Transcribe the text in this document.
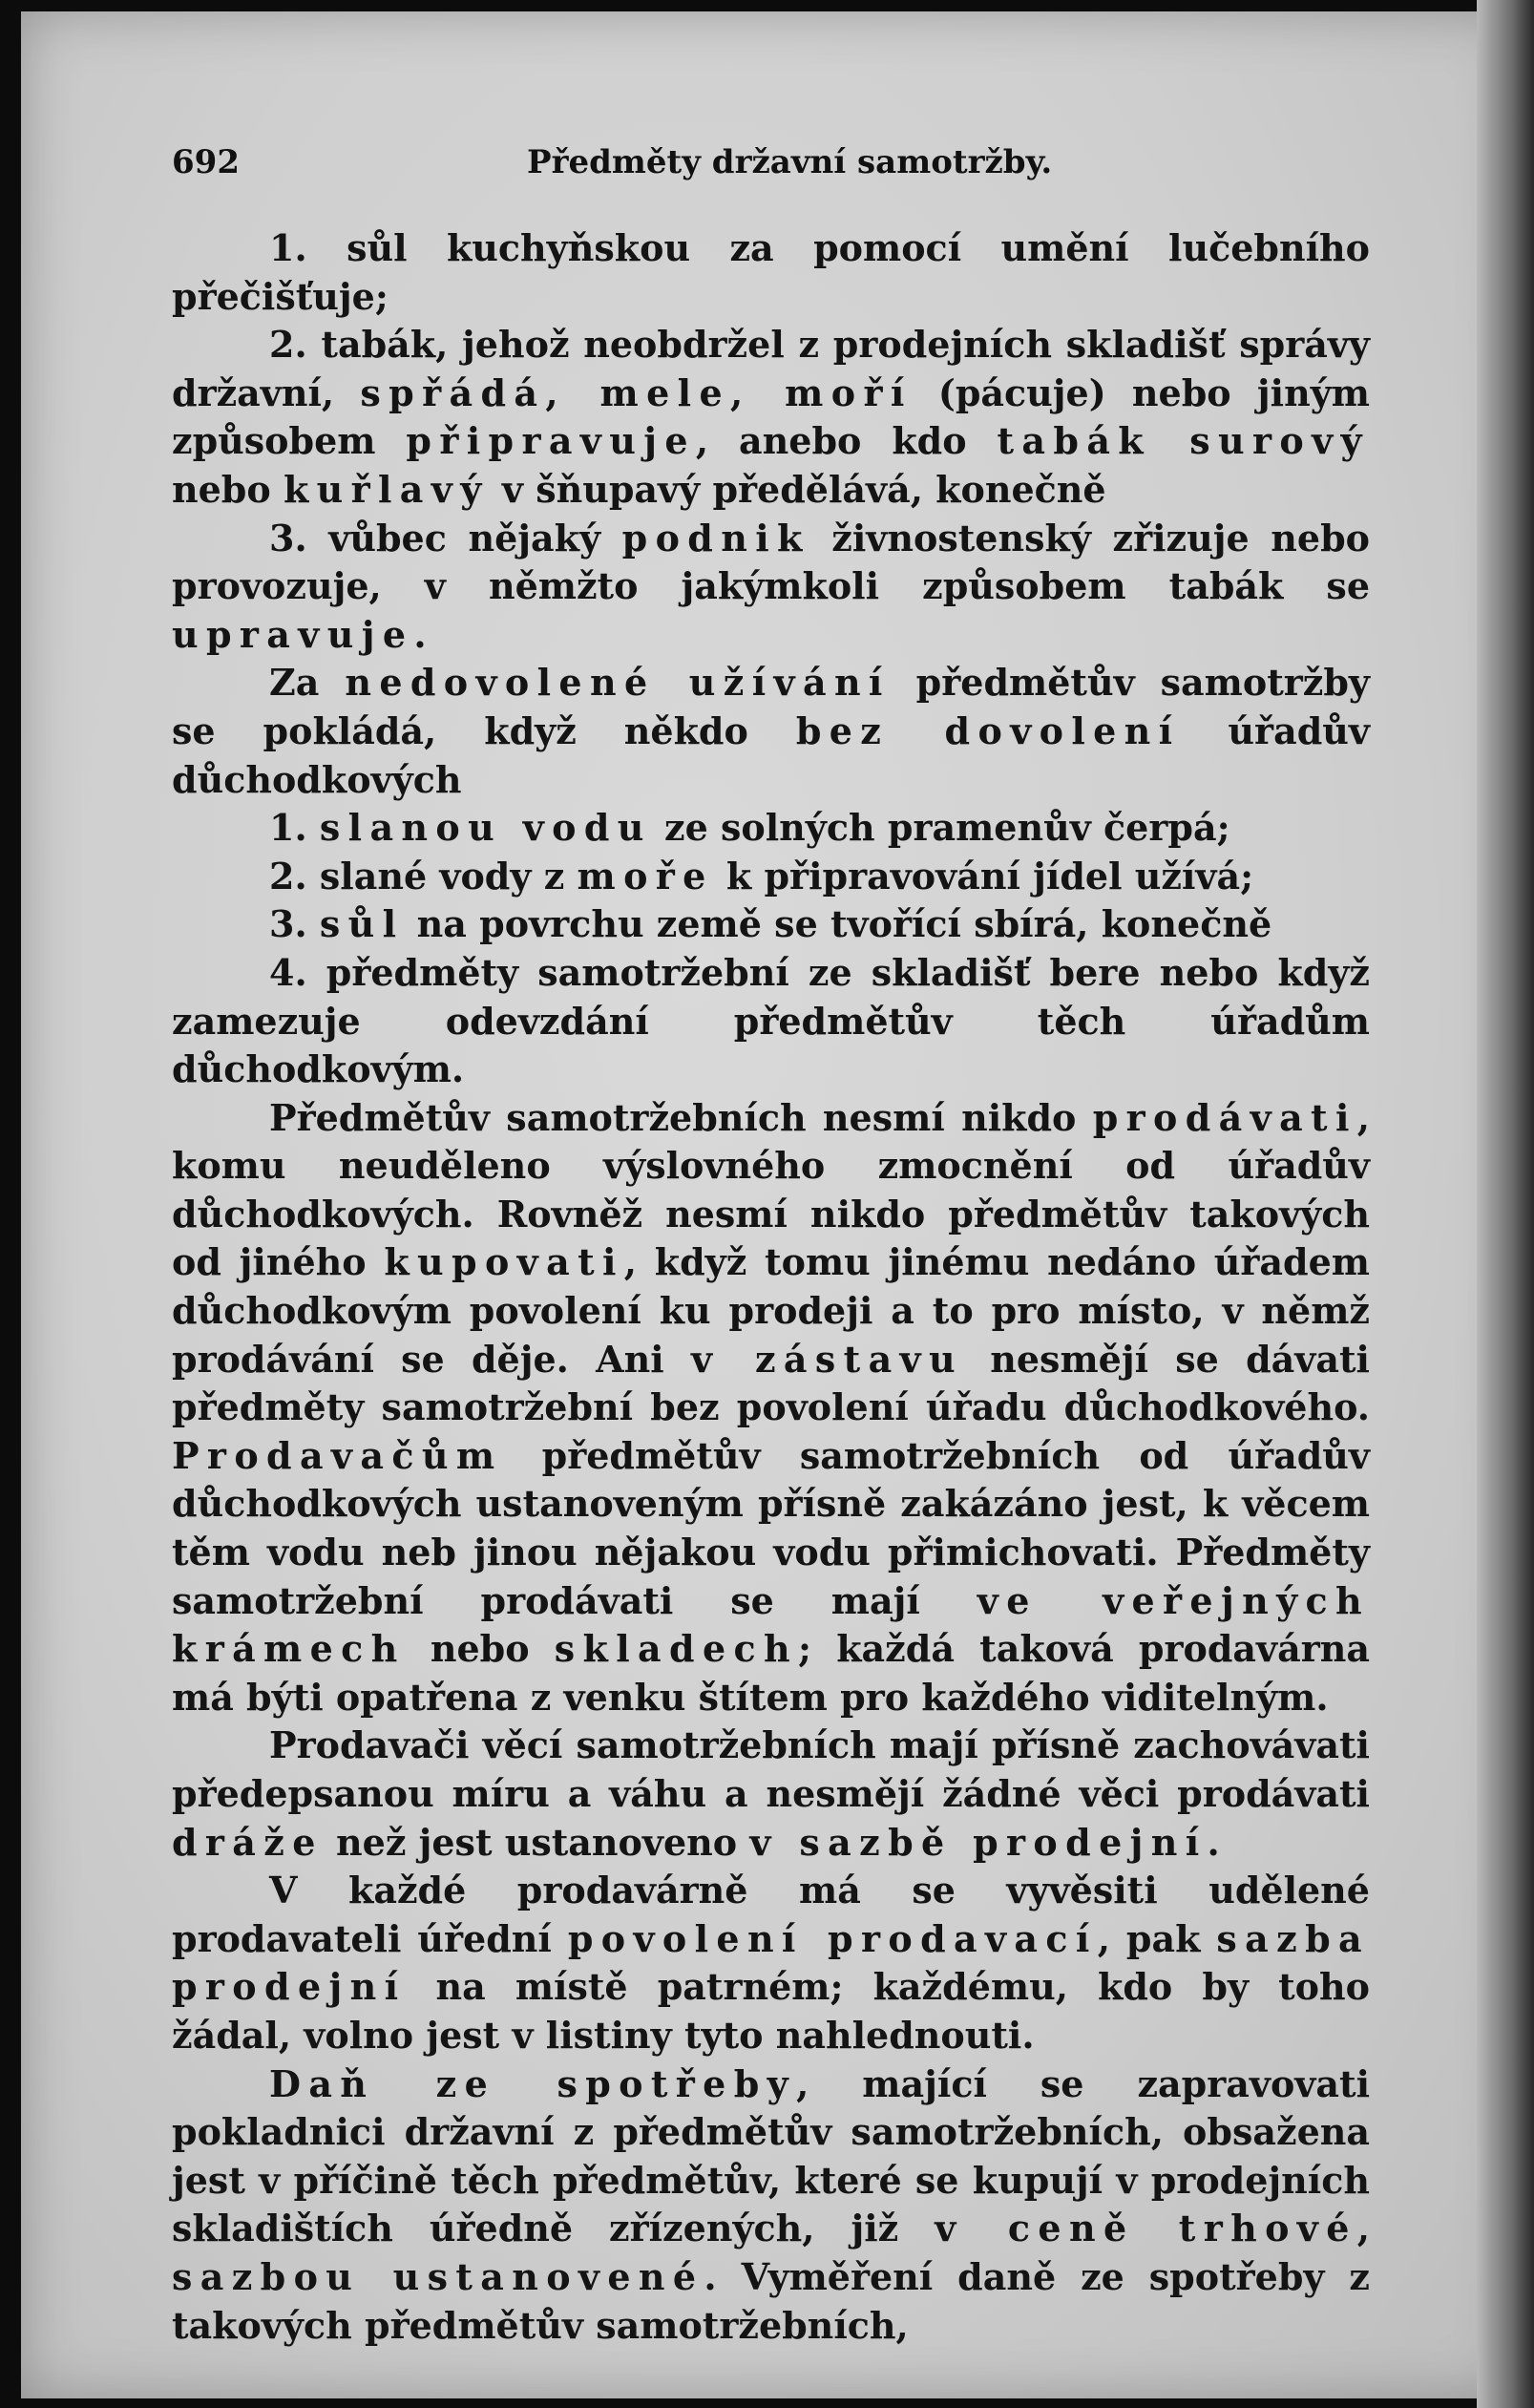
692	Předměty državní samotržby.

1. sůl kuchyňskou za pomocí umění lučebního přečišťuje;

2. tabák, jehož neobdržel z prodejních skladišť správy državní, spřádá, mele, moří (pácuje) nebo jiným způsobem připravuje, anebo kdo tabák surový nebo kuřlavý v šňupavý předělává, konečně

3. vůbec nějaký podnik živnostenský zřizuje nebo provozuje, v němžto jakýmkoli způsobem tabák se upravuje.

Za nedovolené užívání předmětův samotržby se pokládá, když někdo bez dovolení úřadův důchodkových

1. slanou vodu ze solných pramenův čerpá;

2. slané vody z moře k připravování jídel užívá;

3. sůl na povrchu země se tvořící sbírá, konečně

4. předměty samotržební ze skladišť bere nebo když zamezuje odevzdání předmětův těch úřadům důchodkovým.

Předmětův samotržebních nesmí nikdo prodávati, komu neuděleno výslovného zmocnění od úřadův důchodkových. Rovněž nesmí nikdo předmětův takových od jiného kupovati, když tomu jinému nedáno úřadem důchodkovým povolení ku prodeji a to pro místo, v němž prodávání se děje. Ani v zástavu nesmějí se dávati předměty samotržební bez povolení úřadu důchodkového. Prodavačům předmětův samotržebních od úřadův důchodkových ustanoveným přísně zakázáno jest, k věcem těm vodu neb jinou nějakou vodu přimichovati. Předměty samotržební prodávati se mají ve veřejných krámech nebo skladech; každá taková prodavárna má býti opatřena z venku štítem pro každého viditelným.

Prodavači věcí samotržebních mají přísně zachovávati předepsanou míru a váhu a nesmějí žádné věci prodávati dráže než jest ustanoveno v sazbě prodejní.

V každé prodavárně má se vyvěsiti udělené prodavateli úřední povolení prodavací, pak sazba prodejní na místě patrném; každému, kdo by toho žádal, volno jest v listiny tyto nahlednouti.

Daň ze spotřeby, mající se zapravovati pokladnici državní z předmětův samotržebních, obsažena jest v příčině těch předmětův, které se kupují v prodejních skladištích úředně zřízených, již v ceně trhové, sazbou ustanovené. Vyměření daně ze spotřeby z takových předmětův samotržebních,
